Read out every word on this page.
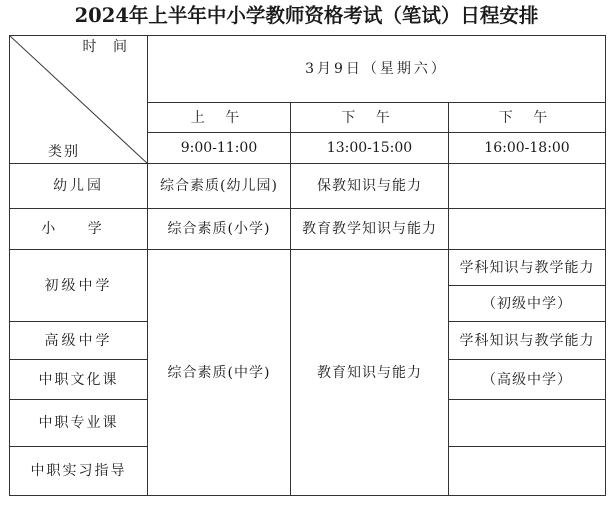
2024年上半年中小学教师资格考试（笔试）日程安排
时 间
类别	3月9日（星期六）		
	上 午	下 午	下 午
	9:00-11:00	13:00-15:00	16:00-18:00
幼儿园	综合素质(幼儿园)	保教知识与能力	
小 学	综合素质(小学)	教育教学知识与能力	
初级中学	综合素质(中学)	教育知识与能力	学科知识与教学能力
			（初级中学）
高级中学			学科知识与教学能力
中职文化课			（高级中学）
中职专业课			
中职实习指导			
